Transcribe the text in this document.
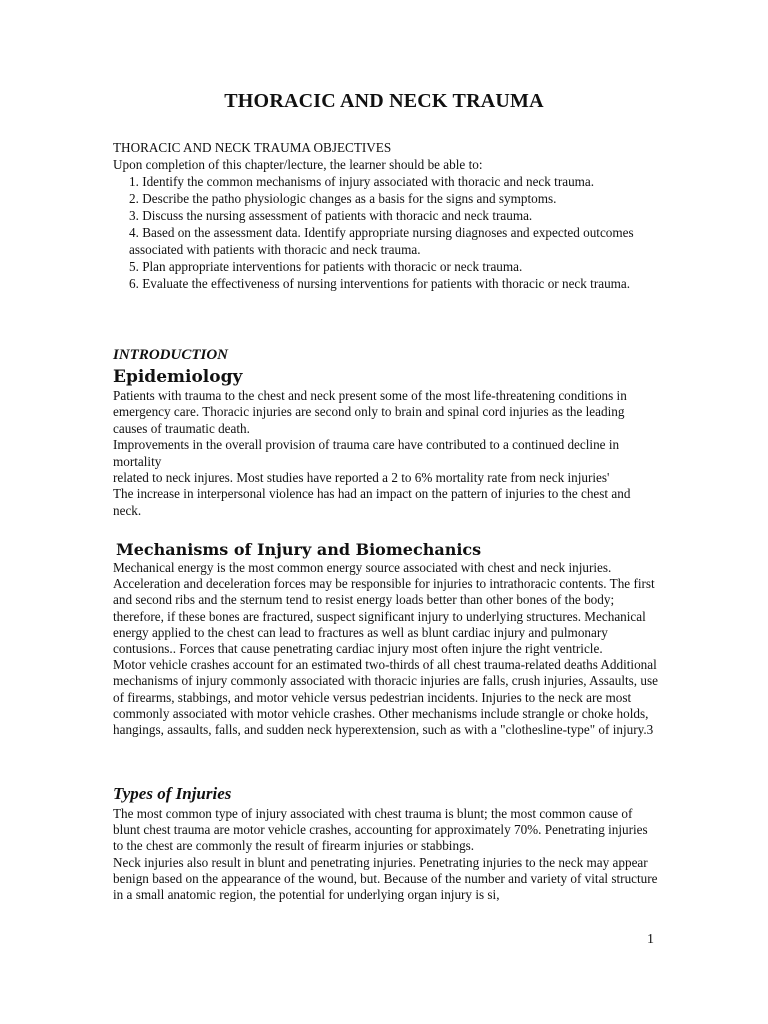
THORACIC AND NECK TRAUMA

THORACIC AND NECK TRAUMA OBJECTIVES

Upon completion of this chapter/lecture, the learner should be able to:

1. Identify the common mechanisms of injury associated with thoracic and neck trauma.
2. Describe the patho physiologic changes as a basis for the signs and symptoms.
3. Discuss the nursing assessment of patients with thoracic and neck trauma.
4. Based on the assessment data. Identify appropriate nursing diagnoses and expected outcomes associated with patients with thoracic and neck trauma.
5. Plan appropriate interventions for patients with thoracic or neck trauma.
6. Evaluate the effectiveness of nursing interventions for patients with thoracic or neck trauma.
INTRODUCTION
Epidemiology

Patients with trauma to the chest and neck present some of the most life-threatening conditions in emergency care. Thoracic injuries are second only to brain and spinal cord injuries as the leading causes of traumatic death.

Improvements in the overall provision of trauma care have contributed to a continued decline in mortality

related to neck injures. Most studies have reported a 2 to 6% mortality rate from neck injuries'

The increase in interpersonal violence has had an impact on the pattern of injuries to the chest and neck.

Mechanisms of Injury and Biomechanics

Mechanical energy is the most common energy source associated with chest and neck injuries. Acceleration and deceleration forces may be responsible for injuries to intrathoracic contents. The first and second ribs and the sternum tend to resist energy loads better than other bones of the body; therefore, if these bones are fractured, suspect significant injury to underlying structures. Mechanical energy applied to the chest can lead to fractures as well as blunt cardiac injury and pulmonary contusions.. Forces that cause penetrating cardiac injury most often injure the right ventricle.

Motor vehicle crashes account for an estimated two-thirds of all chest trauma-related deaths Additional mechanisms of injury commonly associated with thoracic injuries are falls, crush injuries, Assaults, use of firearms, stabbings, and motor vehicle versus pedestrian incidents. Injuries to the neck are most commonly associated with motor vehicle crashes. Other mechanisms include strangle or choke holds, hangings, assaults, falls, and sudden neck hyperextension, such as with a "clothesline-type" of injury.3

Types of Injuries

The most common type of injury associated with chest trauma is blunt; the most common cause of blunt chest trauma are motor vehicle crashes, accounting for approximately 70%. Penetrating injuries to the chest are commonly the result of firearm injuries or stabbings.

Neck injuries also result in blunt and penetrating injuries. Penetrating injuries to the neck may appear benign based on the appearance of the wound, but. Because of the number and variety of vital structure in a small anatomic region, the potential for underlying organ injury is si,

1
